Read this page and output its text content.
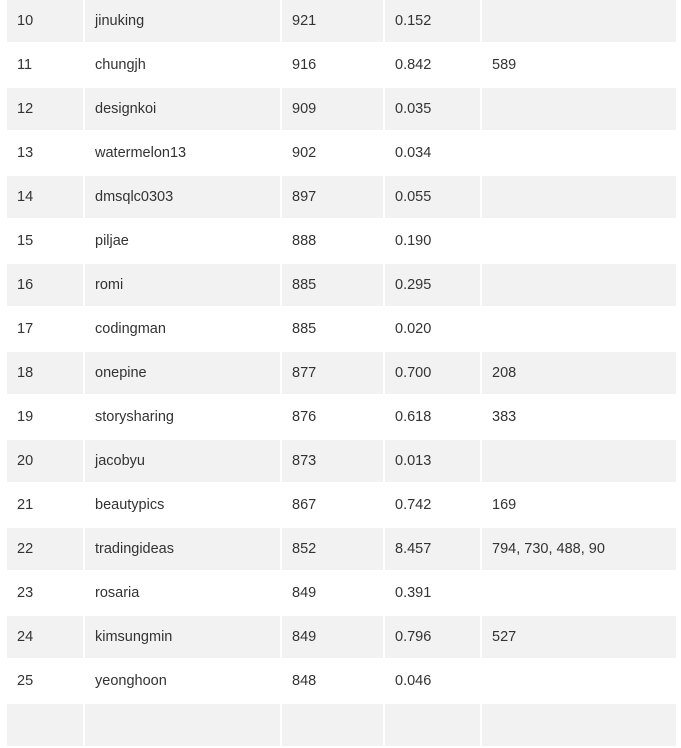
10	jinuking	921	0.152	
11	chungjh	916	0.842	589
12	designkoi	909	0.035	
13	watermelon13	902	0.034	
14	dmsqlc0303	897	0.055	
15	piljae	888	0.190	
16	romi	885	0.295	
17	codingman	885	0.020	
18	onepine	877	0.700	208
19	storysharing	876	0.618	383
20	jacobyu	873	0.013	
21	beautypics	867	0.742	169
22	tradingideas	852	8.457	794, 730, 488, 90
23	rosaria	849	0.391	
24	kimsungmin	849	0.796	527
25	yeonghoon	848	0.046	
